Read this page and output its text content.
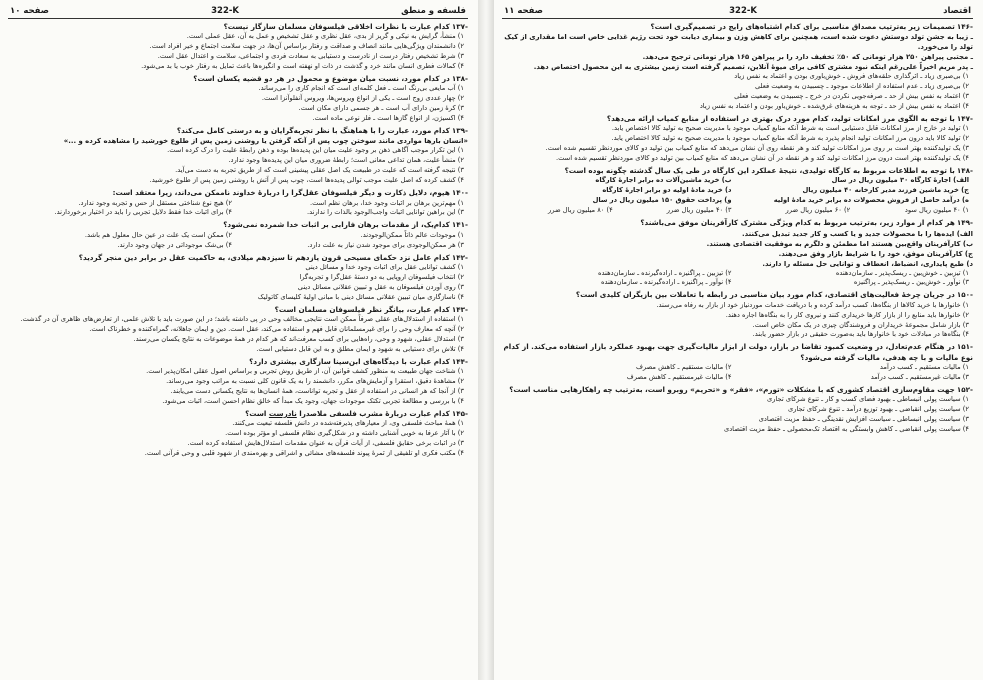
فلسفه و منطق
322-K
صفحه ۱۰

-۱۳۷کدام عبارت با نظرات اخلاقی فیلسوفان مسلمان سازگار نیست؟

۱) منشأ، گرایش به نیکی و گریز از بدی، عقل نظری و عقل تشخیص و عمل به آن، عقل عملی است.

۲) دانشمندان ویژگی‌هایی مانند انصاف و صداقت و رفتار براساس آن‌ها، در جهت سلامت اجتماع و خیر افراد است.

۳) شرط تشخیص رفتار درست از نادرست و دستیابی به سعادت فردی و اجتماعی، سلامت و اعتدال عقل است.

۴) کمالات فطری انسان مانند خرد و گذشت در ذات او نهفته است و انگیزه‌ها باعث تمایل به رفتار خوب یا بد می‌شود.

-۱۳۸در کدام مورد، نسبت میان موضوع و محمول در هر دو قضیه یکسان است؟

۱) آب مایعی بی‌رنگ است ـ فعل کلمه‌ای است که انجام کاری را می‌رساند.

۲) چهار عددی زوج است ـ یکی از انواع ویروس‌ها، ویروس آنفلوآنزا است.

۳) کرهٔ زمین دارای آب است ـ هر جسمی دارای مکان است.

۴) اکسیژن، از انواع گازها است ـ فلز نوعی ماده است.

-۱۳۹کدام مورد، عبارت را با هماهنگ با نظر تجربه‌گرایان و به درستی کامل می‌کند؟

«انسان بارها مواردی مانند سوختن چوب پس از آنکه گرفتن یا روشنی زمین پس از طلوع خورشید را مشاهده کرده و ...»

۱) این تکرار موجب آگاهی ذهن بر وجود علیت میان این پدیده‌ها بوده و ذهن رابطهٔ علیت را درک کرده است.

۲) منشأ علیت، همان تداعی معانی است؛ رابطهٔ ضروری میان این پدیده‌ها وجود ندارد.

۳) نتیجه گرفته است که علیت در طبیعت یک اصل عقلی پیشینی است که از طریق تجربه به دست می‌آید.

۴) کشف کرده که اصل علیت موجب توالی پدیده‌ها است، چوب پس از آتش با روشنی زمین پس از طلوع خورشید.

-۱۴۰هیوم، دلایل ذکارت و دیگر فیلسوفان عقل‌گرا را دربارهٔ خداوند ناممکن می‌داند، زیرا معتقد است:

۱) مهم‌ترین برهان بر اثبات وجود خدا، برهان نظم است.
۲) هیچ نوع شناختی مستقل از حس و تجربه وجود ندارد.
۳) این براهین توانایی اثبات واجب‌الوجود بالذات را ندارند.
۴) برای اثبات خدا فقط دلایل تجربی را باید در اختیار برخوردارند.

-۱۴۱کدام‌یک، از مقدمات برهان فارابی بر اثبات خدا شمرده نمی‌شود؟

۱) موجودات عالم ذاتاً ممکن‌الوجودند.
۲) ممکن است یک علت در عین حال معلول هم باشد.
۳) هر ممکن‌الوجودی برای موجود شدن نیاز به علت دارد.
۴) بی‌شک موجوداتی در جهان وجود دارند.

-۱۴۲کدام عامل نزد حکمای مسیحی قرون یازدهم تا سیزدهم میلادی، به حاکمیت عقل در برابر دین منجر گردید؟

۱) کشف توانایی عقل برای اثبات وجود خدا و مسائل دینی

۲) انتخاب فیلسوفان اروپایی به دو دستهٔ عقل‌گرا و تجربه‌گرا

۳) روی آوردن فیلسوفان به عقل و تبیین عقلانی مسائل دینی

۴) ناسازگاری میان تبیین عقلانی مسائل دینی با مبانی اولیهٔ کلیسای کاتولیک

-۱۴۳کدام عبارت، بیانگر نظر فیلسوفان مسلمان است؟

۱) استفاده از استدلال‌های عقلی صرفاً ممکن است نتایجی مخالف وحی در پی داشته باشد؛ در این صورت باید با تلاش علمی، از تعارض‌های ظاهری آن در گذشت.

۲) آنچه که معارف وحی را برای غیرمسلمانان قابل فهم و استفاده می‌کند، عقل است. دین و ایمان جاهلانه، گمراه‌کننده و خطرناک است.

۳) استدلال عقلی، شهود و وحی، راه‌هایی برای کسب معرفت‌اند که هر کدام در همهٔ موضوعات به نتایج یکسان می‌رسند.

۴) تلاش برای دستیابی به شهود و ایمان مطلق و به این قابل دستیابی است.

-۱۴۴کدام عبارت با دیدگاه‌های ابن‌سینا سازگاری بیشتری دارد؟

۱) شناخت جهان طبیعت به منظور کشف قوانین آن، از طریق روش تجربی و براساس اصول عقلی امکان‌پذیر است.

۲) مشاهدهٔ دقیق، استقرا و آزمایش‌های مکرر، دانشمند را به یک قانون کلی نسبت به مراتب وجود می‌رساند.

۳) از آنجا که هر انسانی در استفاده از عقل و تجربه تواناست، همهٔ انسان‌ها به نتایج یکسانی دست می‌یابند.

۴) با بررسی و مطالعهٔ تجربی تکتک موجودات جهان، وجود یک مبدأ که خالق نظام احسن است، اثبات می‌شود.

-۱۴۵کدام عبارت دربارهٔ مشرب فلسفی ملاصدرا نادرست است؟

۱) همهٔ مباحث فلسفی وی، از معیارهای پذیرفته‌شده در دانش فلسفه تبعیت می‌کنند.

۲) با آثار عرفا به خوبی آشنایی داشته و در شکل‌گیری نظام فلسفی او مؤثر بوده است.

۳) در اثبات برخی حقایق فلسفی، از آیات قرآن به عنوان مقدمات استدلال‌هایش استفاده کرده است.

۴) مکتب فکری او تلفیقی از ثمرهٔ پیوند فلسفه‌های مشائی و اشراقی و بهره‌مندی از شهود قلبی و وحی قرآنی است.

اقتصاد
322-K
صفحه ۱۱

-۱۴۶تصمیمات زیر به‌ترتیب مصداق مناسبی برای کدام اشتباه‌های رایج در تصمیم‌گیری است؟

ـ زیبا به جشن تولد دوستش دعوت شده است، همچنین برای کاهش وزن و بیماری دیابت خود تحت رژیم غذایی خاص است اما مقداری از کیک تولد را می‌خورد.

ـ مجتبی پیراهن ۲۵۰ هزار تومانی که ۵۰٪ تخفیف دارد را بر پیراهن ۱۶۵ هزار تومانی ترجیح می‌دهد.

ـ پدر مریم اخیراً علی‌رغم اینکه نبود مشتری کافی برای میوهٔ آنلاین، تصمیم گرفته است زمین بیشتری به این محصول اختصاص دهد.

۱) بی‌صبری زیاد ـ اثرگذاری حلقه‌های فروش ـ خوش‌باوری بودن و اعتماد به نفس زیاد

۲) بی‌صبری زیاد ـ عدم استفاده از اطلاعات موجود ـ چسبیدن به وضعیت فعلی

۳) اعتماد به نفس بیش از حد ـ صرفه‌جویی نکردن در خرج ـ چسبیدن به وضعیت فعلی

۴) اعتماد به نفس بیش از حد ـ توجه به هزینه‌های غرق‌شده ـ خوش‌باور بودن و اعتماد به نفس زیاد

-۱۴۷با توجه به الگوی مرز امکانات تولید، کدام مورد درک بهتری در استفاده از منابع کمیاب ارائه می‌دهد؟

۱) تولید در خارج از مرز امکانات قابل دستیابی است به شرط آنکه منابع کمیاب موجود با مدیریت صحیح به تولید کالا اختصاص یابد.

۲) تولید کالا باید درون مرز امکانات تولید انجام پذیرد به شرط آنکه منابع کمیاب موجود با مدیریت صحیح به تولید کالا اختصاص یابد.

۳) یک تولیدکننده بهتر است بر روی مرز امکانات تولید کند و هر نقطه روی آن نشان می‌دهد که منابع کمیاب بین تولید دو کالای موردنظر تقسیم شده است.

۴) یک تولیدکننده بهتر است درون مرز امکانات تولید کند و هر نقطه در آن نشان می‌دهد که منابع کمیاب بین تولید دو کالای موردنظر تقسیم شده است.

-۱۴۸با توجه به اطلاعات مربوط به کارگاه تولیدی، نتیجهٔ عملکرد این کارگاه در طی یک سال گذشته چگونه بوده است؟

الف) اجارهٔ کارگاه ۳۰ میلیون ریال در سال
ب) خرید ماشین‌آلات ده برابر اجارهٔ کارگاه
ج) خرید ماشین فرزند مدیر کارخانه ۴۰ میلیون ریال
د) خرید مادهٔ اولیه دو برابر اجارهٔ کارگاه
ه) درآمد حاصل از فروش محصولات ده برابر خرید مادهٔ اولیه
و) پرداخت حقوق ۱۵۰ میلیون ریال در سال
۱) ۴۰ میلیون ریال سود
۲) ۶۰ میلیون ریال ضرر
۳) ۴۰ میلیون ریال ضرر
۴) ۸۰ میلیون ریال ضرر

-۱۴۹هر کدام از موارد زیر، به‌ترتیب مربوط به کدام ویژگی مشترک کارآفرینان موفق می‌باشند؟

الف) ایده‌ها را با محصولات جدید و یا کسب و کار جدید تبدیل می‌کنند.

ب) کارآفرینان واقع‌بین هستند اما مطمئن و دلگرم به موفقیت اقتصادی هستند.

ج) کارآفرینان موفق، خود را با شرایط بازار وفق می‌دهند.

د) طبع پایداری، انضباط، انعطاف و توانایی حل مسئله را دارند.

۱) تیزبین ـ خوش‌بین ـ ریسک‌پذیر ـ سازمان‌دهنده
۲) تیزبین ـ پراگنیزه ـ اراده‌گیرنده ـ سازمان‌دهنده
۳) نوآور ـ خوش‌بین ـ ریسک‌پذیر ـ پراگنیزه
۴) نوآور ـ پراگنیزه ـ اراده‌گیرنده ـ سازمان‌دهنده

-۱۵۰در جریان چرخهٔ فعالیت‌های اقتصادی، کدام مورد بیان مناسبی در رابطه با تعاملات بین بازیگران کلیدی است؟

۱) خانوارها با خرید کالاها از بنگاه‌ها، کسب درآمد کرده و با دریافت خدمات موردنیاز خود از بازار به رفاه می‌رسند.

۲) خانوارها باید منابع را از بازار کارها خریداری کنند و نیروی کار را به بنگاه‌ها اجاره دهند.

۳) بازار شامل مجموعهٔ خریداران و فروشندگان چیزی در یک مکان خاص است.

۴) بنگاه‌ها در مبادلات خود با خانوارها باید به‌صورت حقیقی در بازار حضور یابند.

-۱۵۱در هنگام عدم‌تعادل، در وضعیت کمبود تقاضا در بازار، دولت از ابزار مالیات‌گیری جهت بهبود عملکرد بازار استفاده می‌کند. از کدام نوع مالیات و با چه هدفی، مالیات گرفته می‌شود؟

۱) مالیات مستقیم ـ کسب درآمد
۲) مالیات مستقیم ـ کاهش مصرف
۳) مالیات غیرمستقیم ـ کسب درآمد
۴) مالیات غیرمستقیم ـ کاهش مصرف

-۱۵۲جهت مقاوم‌سازی اقتصاد کشوری که با مشکلات «تورم»، «فقر» و «تحریم» روبرو است، به‌ترتیب چه راهکارهایی مناسب است؟

۱) سیاست پولی انبساطی ـ بهبود فضای کسب و کار ـ تنوع شرکای تجاری

۲) سیاست پولی انقباضی ـ بهبود توزیع درآمد ـ تنوع شرکای تجاری

۳) سیاست پولی انبساطی ـ سیاست افزایش نقدینگی ـ حفظ مزیت اقتصادی

۴) سیاست پولی انقباضی ـ کاهش وابستگی به اقتصاد تک‌محصولی ـ حفظ مزیت اقتصادی
